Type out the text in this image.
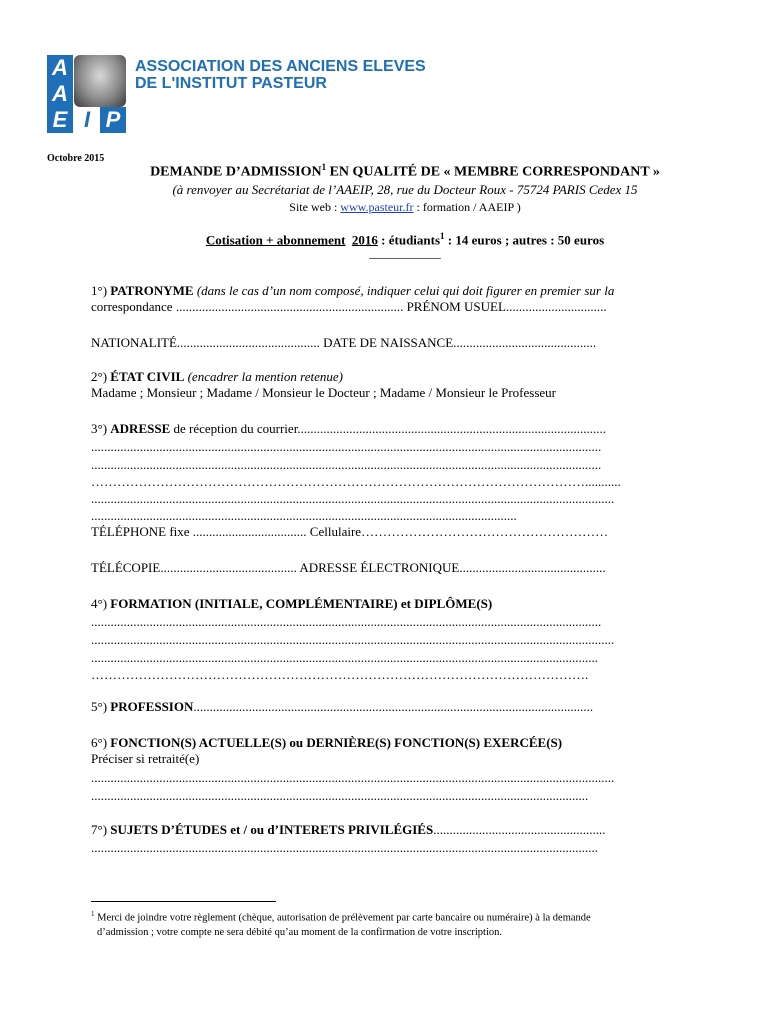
A
A
E I P
ASSOCIATION DES ANCIENS ELEVES
DE L'INSTITUT PASTEUR
Octobre 2015
DEMANDE D’ADMISSION$^1$ EN QUALITÉ DE « MEMBRE CORRESPONDANT »
(à renvoyer au Secrétariat de l’AAEIP, 28, rue du Docteur Roux - 75724 PARIS Cedex 15
Site web : www.pasteur.fr : formation / AAEIP )
Cotisation + abonnement 2016 : étudiants$^1$ : 14 euros ; autres : 50 euros
___________
1°) PATRONYME (dans le cas d’un nom composé, indiquer celui qui doit figurer en premier sur la
correspondance ...................................................................... PRÉNOM USUEL...............................
NATIONALITÉ............................................ DATE DE NAISSANCE............................................
2°) ÉTAT CIVIL (encadrer la mention retenue)
Madame ; Monsieur ; Madame / Monsieur le Docteur ; Madame / Monsieur le Professeur
3°) ADRESSE de réception du courrier...............................................................................................
.............................................................................................................................................................
.............................................................................................................................................................
……………………………………………………………………………………………………...........
.................................................................................................................................................................
...................................................................................................................................
TÉLÉPHONE fixe ................................... Cellulaire…………………………………………………
TÉLÉCOPIE.......................................... ADRESSE ÉLECTRONIQUE.............................................
4°) FORMATION (INITIALE, COMPLÉMENTAIRE) et DIPLÔME(S)
.............................................................................................................................................................
.................................................................................................................................................................
............................................................................................................................................................
…………………………………………………………………………………………………….
5°) PROFESSION...........................................................................................................................
6°) FONCTION(S) ACTUELLE(S) ou DERNIÈRE(S) FONCTION(S) EXERCÉE(S)
Préciser si retraité(e)
.................................................................................................................................................................
.........................................................................................................................................................
7°) SUJETS D’ÉTUDES et / ou d’INTERETS PRIVILÉGIÉS.....................................................
............................................................................................................................................................
$^1$ Merci de joindre votre règlement (chèque, autorisation de prélèvement par carte bancaire ou numéraire) à la demande
d’admission ; votre compte ne sera débité qu’au moment de la confirmation de votre inscription.
